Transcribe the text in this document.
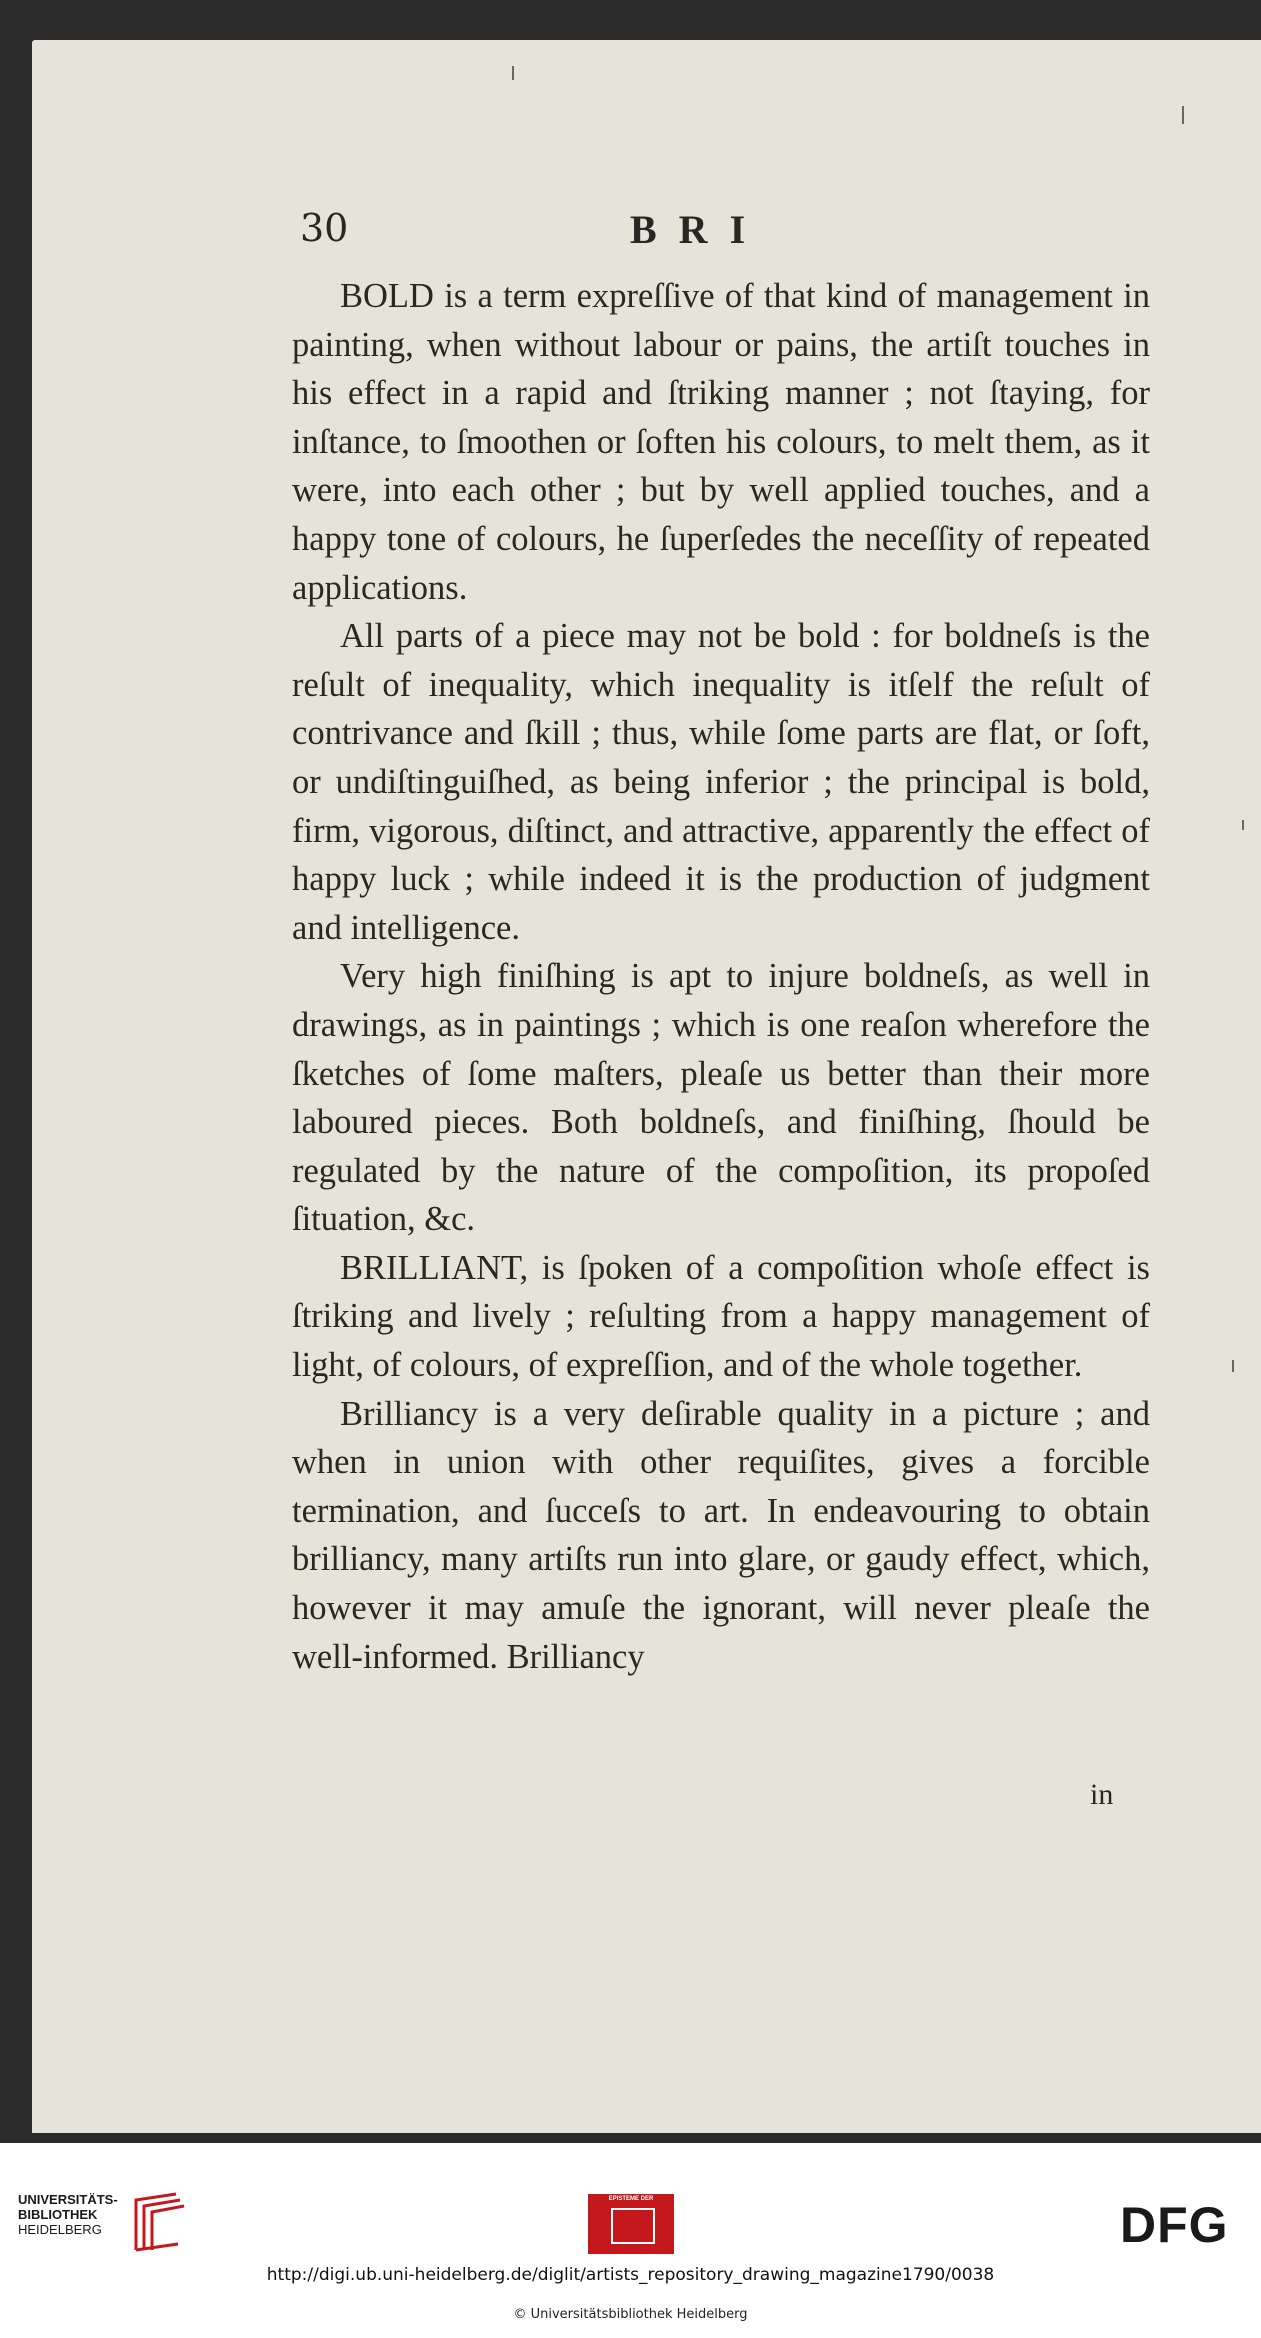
30	BRI

BOLD is a term expreſſive of that kind of management in painting, when without labour or pains, the artiſt touches in his effect in a rapid and ſtriking manner ; not ſtaying, for inſtance, to ſmoothen or ſoften his colours, to melt them, as it were, into each other ; but by well applied touches, and a happy tone of colours, he ſuperſedes the neceſſity of repeated applications.

All parts of a piece may not be bold : for boldneſs is the reſult of inequality, which inequality is itſelf the reſult of contrivance and ſkill ; thus, while ſome parts are flat, or ſoft, or undiſtinguiſhed, as being inferior ; the principal is bold, firm, vigorous, diſtinct, and attractive, apparently the effect of happy luck ; while indeed it is the production of judgment and intelligence.

Very high finiſhing is apt to injure boldneſs, as well in drawings, as in paintings ; which is one reaſon wherefore the ſketches of ſome maſters, pleaſe us better than their more laboured pieces. Both boldneſs, and finiſhing, ſhould be regulated by the nature of the compoſition, its propoſed ſituation, &c.

BRILLIANT, is ſpoken of a compoſition whoſe effect is ſtriking and lively ; reſulting from a happy management of light, of colours, of expreſſion, and of the whole together.

Brilliancy is a very deſirable quality in a picture ; and when in union with other requiſites, gives a forcible termination, and ſucceſs to art. In endeavouring to obtain brilliancy, many artiſts run into glare, or gaudy effect, which, however it may amuſe the ignorant, will never pleaſe the well-informed. Brilliancy

in
UNIVERSITÄTS-
BIBLIOTHEK
HEIDELBERG
EPISTEME DER	DFG
http://digi.ub.uni-heidelberg.de/diglit/artists_repository_drawing_magazine1790/0038
© Universitätsbibliothek Heidelberg
